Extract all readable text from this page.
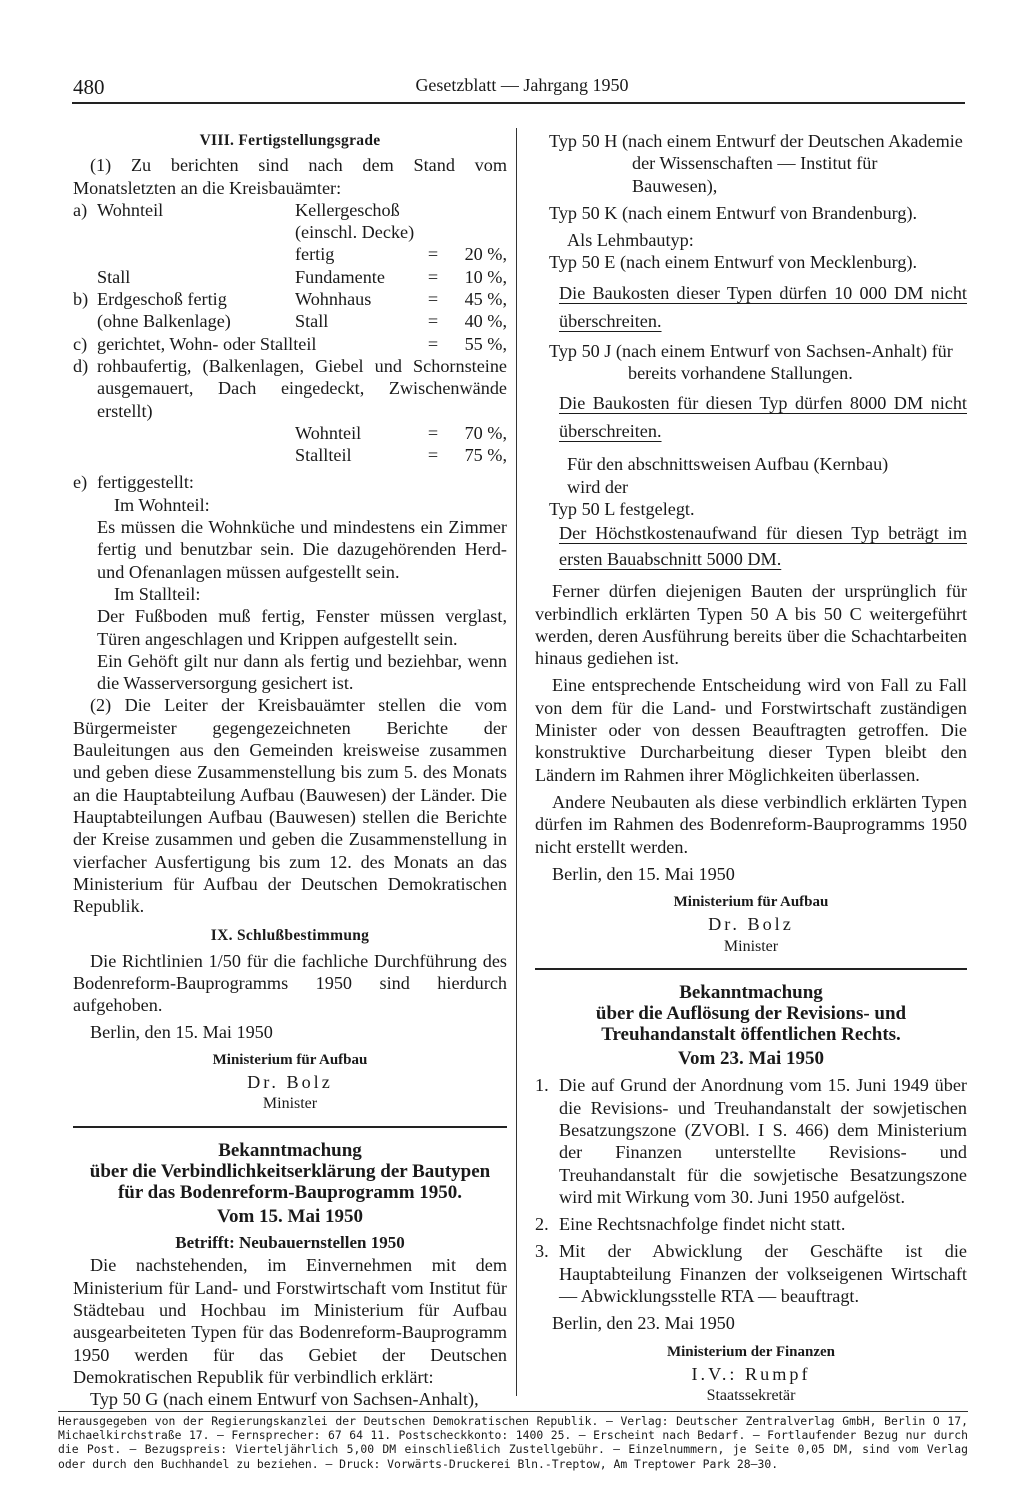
480	Gesetzblatt — Jahrgang 1950
VIII. Fertigstellungsgrade

(1) Zu berichten sind nach dem Stand vom Monatsletzten an die Kreisbauämter:

a) Wohnteil	Kellergeschoß
(einschl. Decke)
fertig	=	20 %,
Stall	Fundamente	=	10 %,
b) Erdgeschoß fertig	Wohnhaus	=	45 %,
(ohne Balkenlage)	Stall	=	40 %,
c) gerichtet, Wohn- oder Stallteil	=	55 %,
d) rohbaufertig, (Balkenlagen, Giebel und Schornsteine ausgemauert, Dach eingedeckt, Zwischenwände erstellt)
Wohnteil	=	70 %,
Stallteil	=	75 %,
e) fertiggestellt:

Im Wohnteil:

Es müssen die Wohnküche und mindestens ein Zimmer fertig und benutzbar sein. Die dazugehörenden Herd- und Ofenanlagen müssen aufgestellt sein.

Im Stallteil:

Der Fußboden muß fertig, Fenster müssen verglast, Türen angeschlagen und Krippen aufgestellt sein.

Ein Gehöft gilt nur dann als fertig und beziehbar, wenn die Wasserversorgung gesichert ist.

(2) Die Leiter der Kreisbauämter stellen die vom Bürgermeister gegengezeichneten Berichte der Bauleitungen aus den Gemeinden kreisweise zusammen und geben diese Zusammenstellung bis zum 5. des Monats an die Hauptabteilung Aufbau (Bauwesen) der Länder. Die Hauptabteilungen Aufbau (Bauwesen) stellen die Berichte der Kreise zusammen und geben die Zusammenstellung in vierfacher Ausfertigung bis zum 12. des Monats an das Ministerium für Aufbau der Deutschen Demokratischen Republik.

IX. Schlußbestimmung

Die Richtlinien 1/50 für die fachliche Durchführung des Bodenreform-Bauprogramms 1950 sind hierdurch aufgehoben.

Berlin, den 15. Mai 1950

Ministerium für Aufbau
Dr. Bolz
Minister
Bekanntmachung
über die Verbindlichkeitserklärung der Bautypen
für das Bodenreform-Bauprogramm 1950.
Vom 15. Mai 1950
Betrifft: Neubauernstellen 1950

Die nachstehenden, im Einvernehmen mit dem Ministerium für Land- und Forstwirtschaft vom Institut für Städtebau und Hochbau im Ministerium für Aufbau ausgearbeiteten Typen für das Bodenreform-Bauprogramm 1950 werden für das Gebiet der Deutschen Demokratischen Republik für verbindlich erklärt:

Typ 50 G (nach einem Entwurf von Sachsen-Anhalt),

Typ 50 H (nach einem Entwurf der Deutschen Akademie der Wissenschaften — Institut für Bauwesen),

Typ 50 K (nach einem Entwurf von Brandenburg).

Als Lehmbautyp:

Typ 50 E (nach einem Entwurf von Mecklenburg).

Die Baukosten dieser Typen dürfen 10 000 DM nicht überschreiten.

Typ 50 J (nach einem Entwurf von Sachsen-Anhalt) für bereits vorhandene Stallungen.

Die Baukosten für diesen Typ dürfen 8000 DM nicht überschreiten.

Für den abschnittsweisen Aufbau (Kernbau)

wird der

Typ 50 L festgelegt.

Der Höchstkostenaufwand für diesen Typ beträgt im ersten Bauabschnitt 5000 DM.

Ferner dürfen diejenigen Bauten der ursprünglich für verbindlich erklärten Typen 50 A bis 50 C weitergeführt werden, deren Ausführung bereits über die Schachtarbeiten hinaus gediehen ist.

Eine entsprechende Entscheidung wird von Fall zu Fall von dem für die Land- und Forstwirtschaft zuständigen Minister oder von dessen Beauftragten getroffen. Die konstruktive Durcharbeitung dieser Typen bleibt den Ländern im Rahmen ihrer Möglichkeiten überlassen.

Andere Neubauten als diese verbindlich erklärten Typen dürfen im Rahmen des Bodenreform-Bauprogramms 1950 nicht erstellt werden.

Berlin, den 15. Mai 1950

Ministerium für Aufbau
Dr. Bolz
Minister
Bekanntmachung
über die Auflösung der Revisions- und
Treuhandanstalt öffentlichen Rechts.
Vom 23. Mai 1950
1. Die auf Grund der Anordnung vom 15. Juni 1949 über die Revisions- und Treuhandanstalt der sowjetischen Besatzungszone (ZVOBl. I S. 466) dem Ministerium der Finanzen unterstellte Revisions- und Treuhandanstalt für die sowjetische Besatzungszone wird mit Wirkung vom 30. Juni 1950 aufgelöst.
2. Eine Rechtsnachfolge findet nicht statt.
3. Mit der Abwicklung der Geschäfte ist die Hauptabteilung Finanzen der volkseigenen Wirtschaft — Abwicklungsstelle RTA — beauftragt.

Berlin, den 23. Mai 1950

Ministerium der Finanzen
I.V.: Rumpf
Staatssekretär
Herausgegeben von der Regierungskanzlei der Deutschen Demokratischen Republik. — Verlag: Deutscher Zentralverlag GmbH, Berlin O 17, Michaelkirchstraße 17. — Fernsprecher: 67 64 11. Postscheckkonto: 1400 25. — Erscheint nach Bedarf. — Fortlaufender Bezug nur durch die Post. — Bezugspreis: Vierteljährlich 5,00 DM einschließlich Zustellgebühr. — Einzelnummern, je Seite 0,05 DM, sind vom Verlag oder durch den Buchhandel zu beziehen. — Druck: Vorwärts-Druckerei Bln.-Treptow, Am Treptower Park 28—30.
